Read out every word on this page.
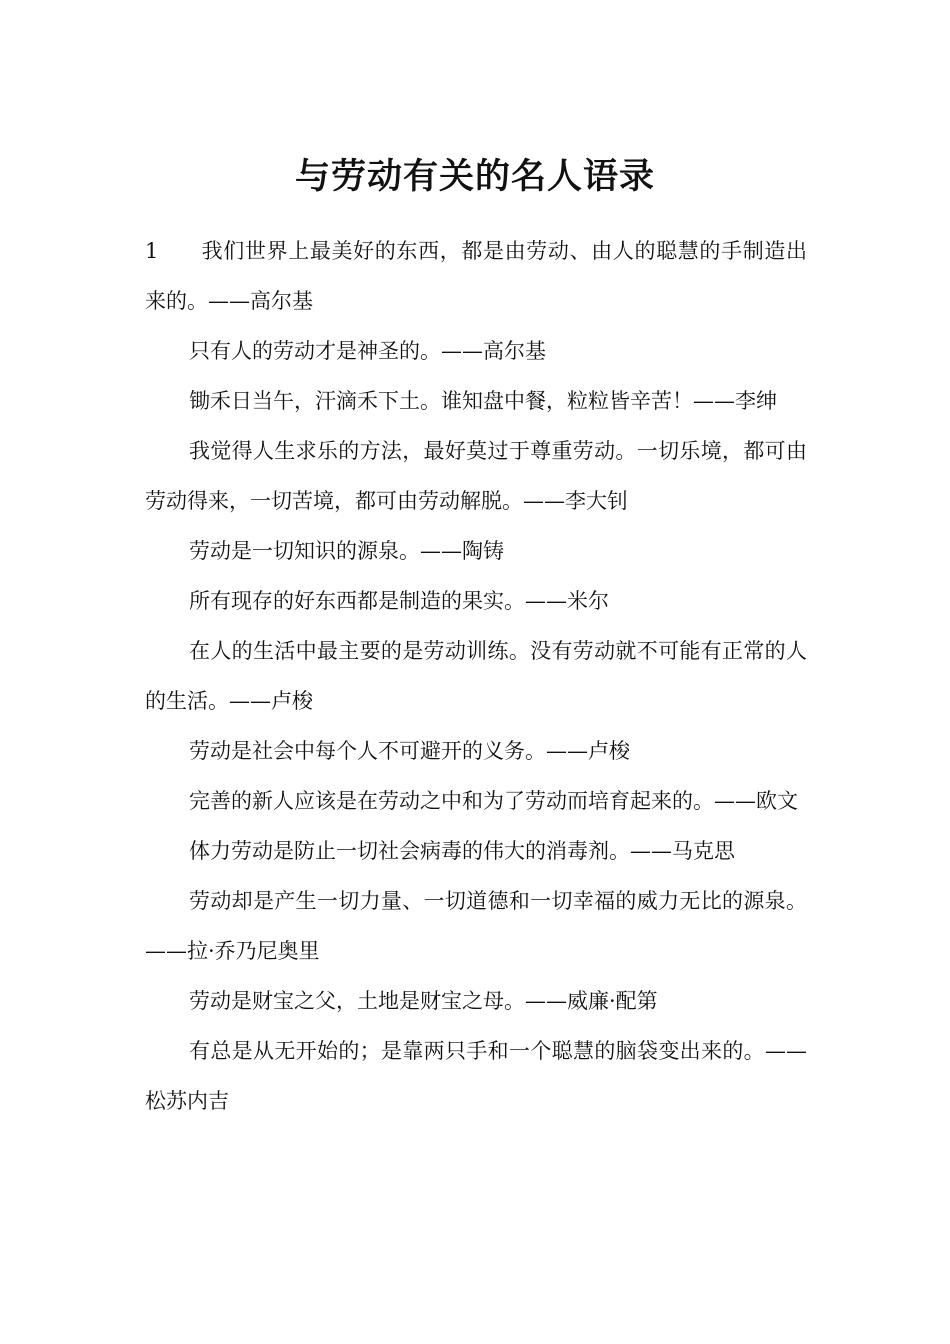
与劳动有关的名人语录

1 我们世界上最美好的东西，都是由劳动、由人的聪慧的手制造出来的。——高尔基

只有人的劳动才是神圣的。——高尔基

锄禾日当午，汗滴禾下土。谁知盘中餐，粒粒皆辛苦！——李绅

我觉得人生求乐的方法，最好莫过于尊重劳动。一切乐境，都可由劳动得来，一切苦境，都可由劳动解脱。——李大钊

劳动是一切知识的源泉。——陶铸

所有现存的好东西都是制造的果实。——米尔

在人的生活中最主要的是劳动训练。没有劳动就不可能有正常的人的生活。——卢梭

劳动是社会中每个人不可避开的义务。——卢梭

完善的新人应该是在劳动之中和为了劳动而培育起来的。——欧文

体力劳动是防止一切社会病毒的伟大的消毒剂。——马克思

劳动却是产生一切力量、一切道德和一切幸福的威力无比的源泉。——拉·乔乃尼奥里

劳动是财宝之父，土地是财宝之母。——威廉·配第

有总是从无开始的；是靠两只手和一个聪慧的脑袋变出来的。——松苏内吉
